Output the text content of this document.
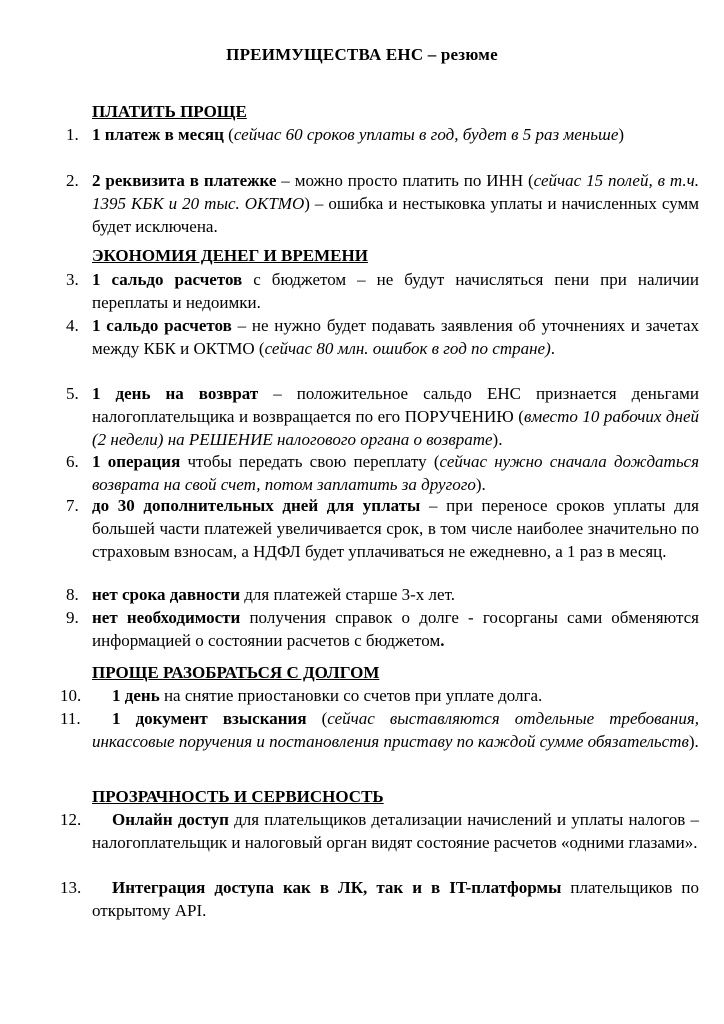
ПРЕИМУЩЕСТВА ЕНС – резюме
ПЛАТИТЬ ПРОЩЕ
1. 1 платеж в месяц (сейчас 60 сроков уплаты в год, будет в 5 раз меньше)
2. 2 реквизита в платежке – можно просто платить по ИНН (сейчас 15 полей, в т.ч. 1395 КБК и 20 тыс. ОКТМО) – ошибка и нестыковка уплаты и начисленных сумм будет исключена.
ЭКОНОМИЯ ДЕНЕГ И ВРЕМЕНИ
3. 1 сальдо расчетов с бюджетом – не будут начисляться пени при наличии переплаты и недоимки.
4. 1 сальдо расчетов – не нужно будет подавать заявления об уточнениях и зачетах между КБК и ОКТМО (сейчас 80 млн. ошибок в год по стране).
5. 1 день на возврат – положительное сальдо ЕНС признается деньгами налогоплательщика и возвращается по его ПОРУЧЕНИЮ (вместо 10 рабочих дней (2 недели) на РЕШЕНИЕ налогового органа о возврате).
6. 1 операция чтобы передать свою переплату (сейчас нужно сначала дождаться возврата на свой счет, потом заплатить за другого).
7. до 30 дополнительных дней для уплаты – при переносе сроков уплаты для большей части платежей увеличивается срок, в том числе наиболее значительно по страховым взносам, а НДФЛ будет уплачиваться не ежедневно, а 1 раз в месяц.
8. нет срока давности для платежей старше 3-х лет.
9. нет необходимости получения справок о долге - госорганы сами обменяются информацией о состоянии расчетов с бюджетом.
ПРОЩЕ РАЗОБРАТЬСЯ С ДОЛГОМ
10.	1 день на снятие приостановки со счетов при уплате долга.
11.	1 документ взыскания (сейчас выставляются отдельные требования, инкассовые поручения и постановления приставу по каждой сумме обязательств).
ПРОЗРАЧНОСТЬ И СЕРВИСНОСТЬ
12.	Онлайн доступ для плательщиков детализации начислений и уплаты налогов – налогоплательщик и налоговый орган видят состояние расчетов «одними глазами».
13.	Интеграция доступа как в ЛК, так и в IT-платформы плательщиков по открытому API.
